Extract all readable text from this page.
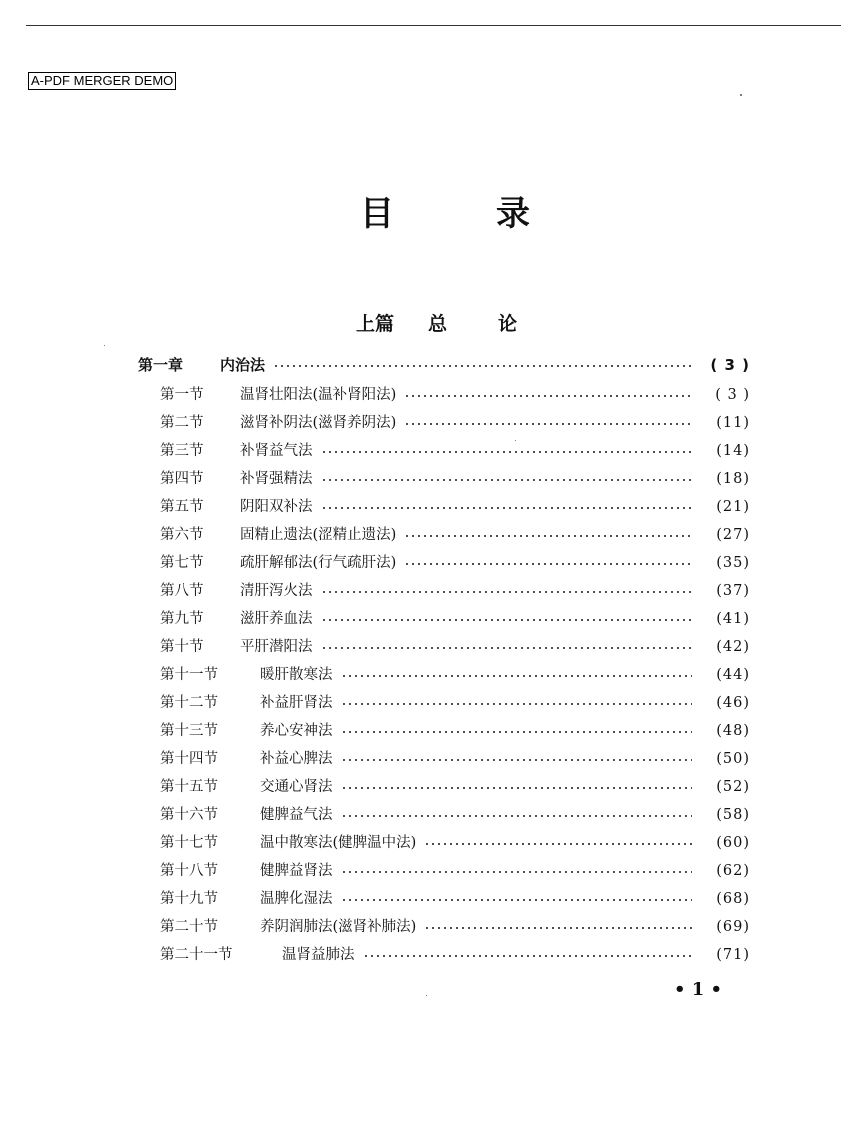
A-PDF MERGER DEMO
目	录
上篇	总	论
第一章	内治法	( 3 )
第一节	温肾壮阳法(温补肾阳法)	( 3 )
第二节	滋肾补阴法(滋肾养阴法)	(11)
第三节	补肾益气法	(14)
第四节	补肾强精法	(18)
第五节	阴阳双补法	(21)
第六节	固精止遗法(涩精止遗法)	(27)
第七节	疏肝解郁法(行气疏肝法)	(35)
第八节	清肝泻火法	(37)
第九节	滋肝养血法	(41)
第十节	平肝潜阳法	(42)
第十一节	暖肝散寒法	(44)
第十二节	补益肝肾法	(46)
第十三节	养心安神法	(48)
第十四节	补益心脾法	(50)
第十五节	交通心肾法	(52)
第十六节	健脾益气法	(58)
第十七节	温中散寒法(健脾温中法)	(60)
第十八节	健脾益肾法	(62)
第十九节	温脾化湿法	(68)
第二十节	养阴润肺法(滋肾补肺法)	(69)
第二十一节	温肾益肺法	(71)
• 1 •
